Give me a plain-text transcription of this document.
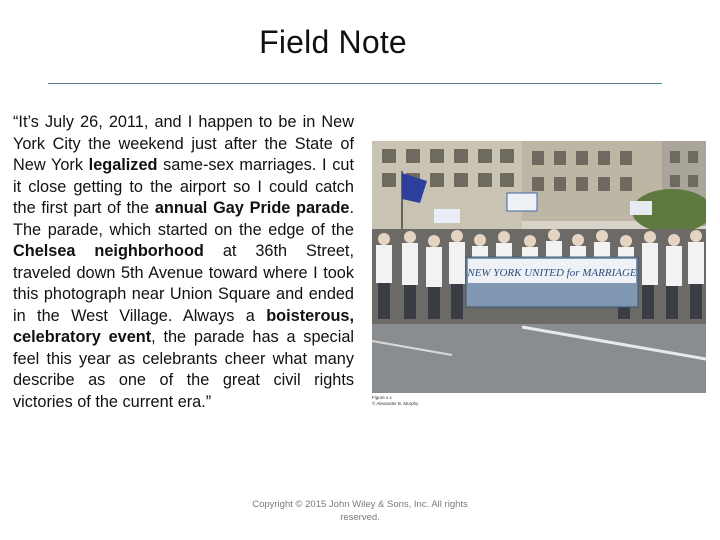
Field Note
“It’s July 26, 2011, and I happen to be in New York City the weekend just after the State of New York legalized same-sex marriages. I cut it close getting to the airport so I could catch the first part of the annual Gay Pride parade. The parade, which started on the edge of the Chelsea neighborhood at 36th Street, traveled down 5th Avenue toward where I took this photograph near Union Square and ended in the West Village. Always a boisterous, celebratory event, the parade has a special feel this year as celebrants cheer what many describe as one of the great civil rights victories of the current era.”
NEW YORK UNITED for MARRIAGE
Figure x.x
© Alexander B. Murphy
Copyright © 2015 John Wiley & Sons, Inc. All rights reserved.
